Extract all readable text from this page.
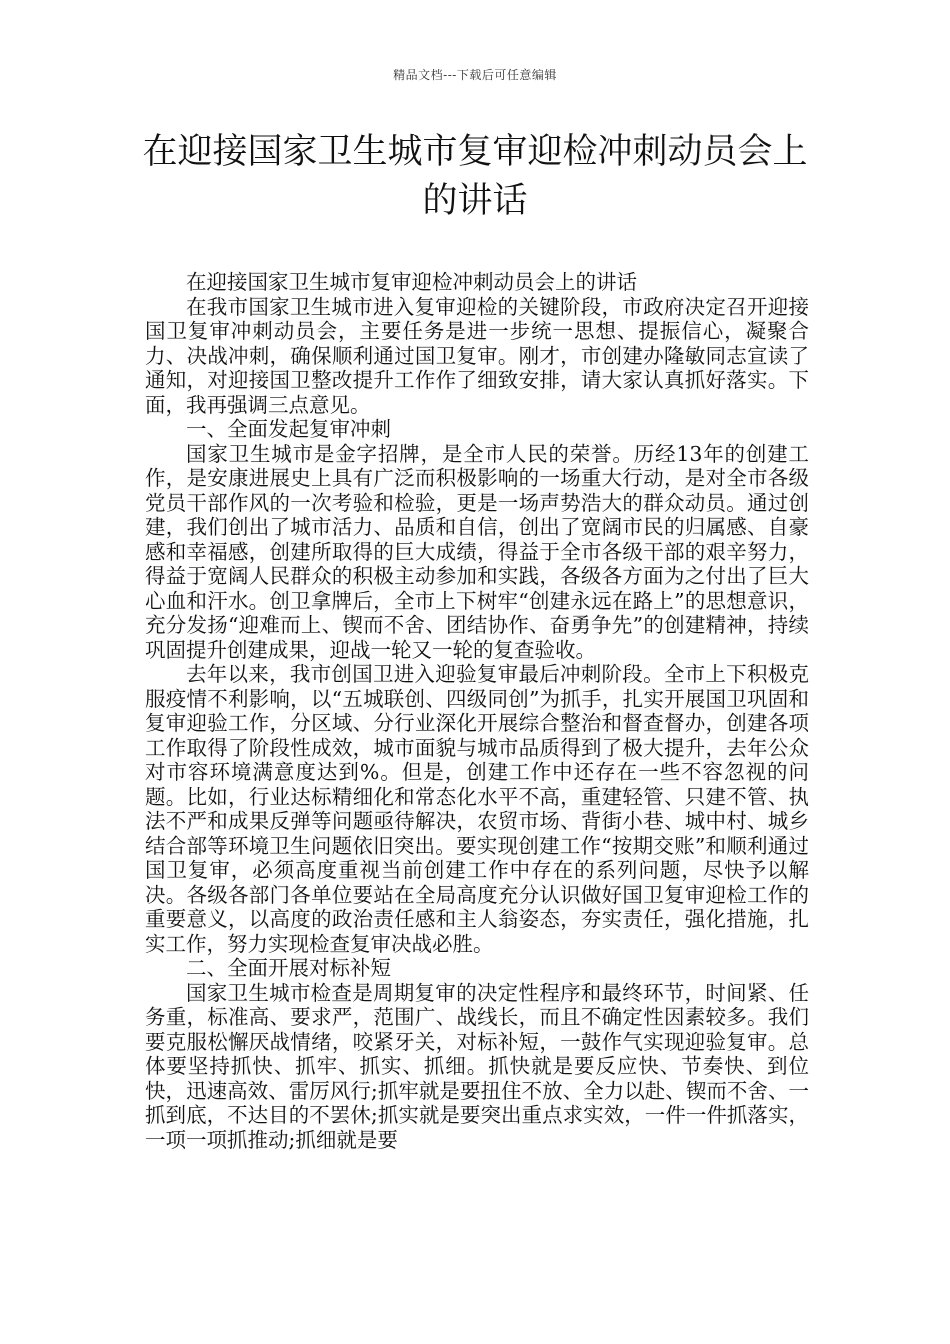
精品文档---下载后可任意编辑
在迎接国家卫生城市复审迎检冲刺动员会上的讲话

在迎接国家卫生城市复审迎检冲刺动员会上的讲话

在我市国家卫生城市进入复审迎检的关键阶段，市政府决定召开迎接国卫复审冲刺动员会，主要任务是进一步统一思想、提振信心，凝聚合力、决战冲刺，确保顺利通过国卫复审。刚才，市创建办隆敏同志宣读了通知，对迎接国卫整改提升工作作了细致安排，请大家认真抓好落实。下面，我再强调三点意见。

一、全面发起复审冲刺

国家卫生城市是金字招牌，是全市人民的荣誉。历经13年的创建工作，是安康进展史上具有广泛而积极影响的一场重大行动，是对全市各级党员干部作风的一次考验和检验，更是一场声势浩大的群众动员。通过创建，我们创出了城市活力、品质和自信，创出了宽阔市民的归属感、自豪感和幸福感，创建所取得的巨大成绩，得益于全市各级干部的艰辛努力，得益于宽阔人民群众的积极主动参加和实践，各级各方面为之付出了巨大心血和汗水。创卫拿牌后，全市上下树牢“创建永远在路上”的思想意识，充分发扬“迎难而上、锲而不舍、团结协作、奋勇争先”的创建精神，持续巩固提升创建成果，迎战一轮又一轮的复查验收。

去年以来，我市创国卫进入迎验复审最后冲刺阶段。全市上下积极克服疫情不利影响，以“五城联创、四级同创”为抓手，扎实开展国卫巩固和复审迎验工作，分区域、分行业深化开展综合整治和督查督办，创建各项工作取得了阶段性成效，城市面貌与城市品质得到了极大提升，去年公众对市容环境满意度达到%。但是，创建工作中还存在一些不容忽视的问题。比如，行业达标精细化和常态化水平不高，重建轻管、只建不管、执法不严和成果反弹等问题亟待解决，农贸市场、背街小巷、城中村、城乡结合部等环境卫生问题依旧突出。要实现创建工作“按期交账”和顺利通过国卫复审，必须高度重视当前创建工作中存在的系列问题，尽快予以解决。各级各部门各单位要站在全局高度充分认识做好国卫复审迎检工作的重要意义，以高度的政治责任感和主人翁姿态，夯实责任，强化措施，扎实工作，努力实现检查复审决战必胜。

二、全面开展对标补短

国家卫生城市检查是周期复审的决定性程序和最终环节，时间紧、任务重，标准高、要求严，范围广、战线长，而且不确定性因素较多。我们要克服松懈厌战情绪，咬紧牙关，对标补短，一鼓作气实现迎验复审。总体要坚持抓快、抓牢、抓实、抓细。抓快就是要反应快、节奏快、到位快，迅速高效、雷厉风行;抓牢就是要扭住不放、全力以赴、锲而不舍、一抓到底，不达目的不罢休;抓实就是要突出重点求实效，一件一件抓落实，一项一项抓推动;抓细就是要
